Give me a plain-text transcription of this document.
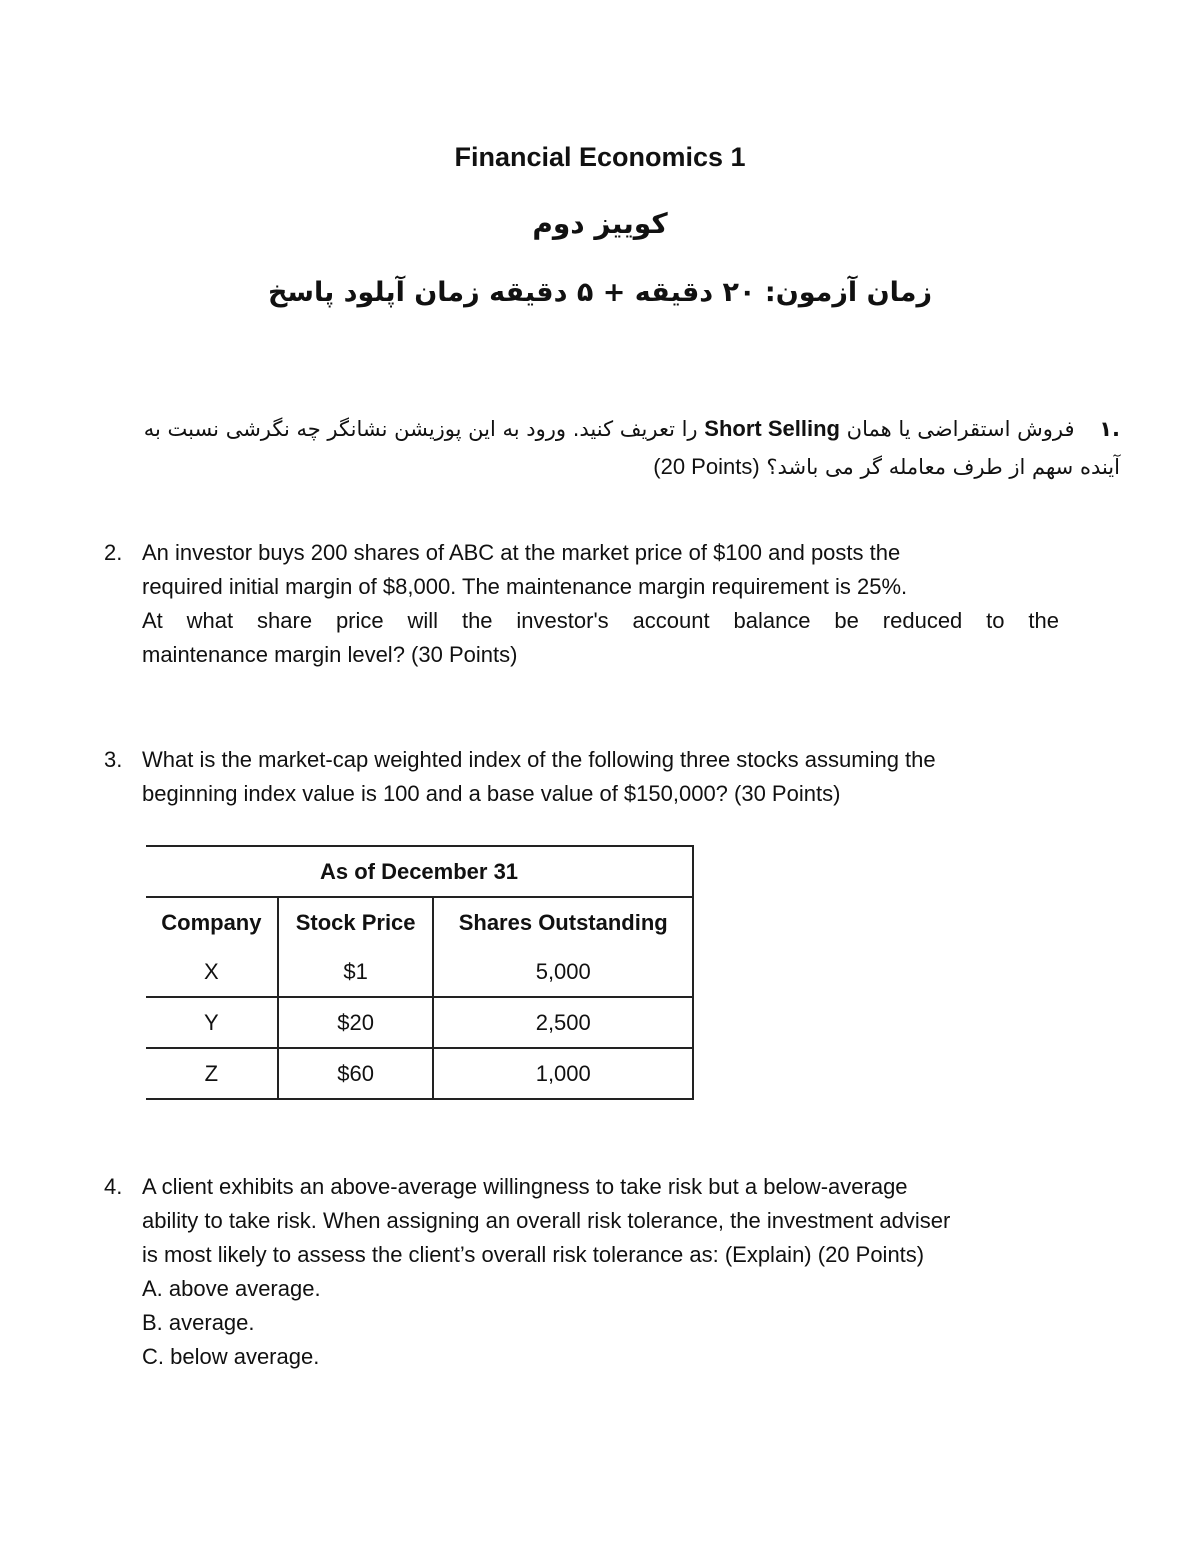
Financial Economics 1
کوییز دوم
زمان آزمون: ۲۰ دقیقه + ۵ دقیقه زمان آپلود پاسخ
.۱ فروش استقراضی یا همان Short Selling را تعریف کنید. ورود به این پوزیشن نشانگر چه نگرشی نسبت به آینده سهم از طرف معامله گر می باشد؟ (20 Points)
2. An investor buys 200 shares of ABC at the market price of $100 and posts the
required initial margin of $8,000. The maintenance margin requirement is 25%.
At what share price will the investor's account balance be reduced to the
maintenance margin level? (30 Points)
3. What is the market-cap weighted index of the following three stocks assuming the
beginning index value is 100 and a base value of $150,000? (30 Points)
As of December 31		
Company	Stock Price	Shares Outstanding
X	$1	5,000
Y	$20	2,500
Z	$60	1,000
4. A client exhibits an above-average willingness to take risk but a below-average
ability to take risk. When assigning an overall risk tolerance, the investment adviser
is most likely to assess the client’s overall risk tolerance as: (Explain) (20 Points)
A. above average.
B. average.
C. below average.
